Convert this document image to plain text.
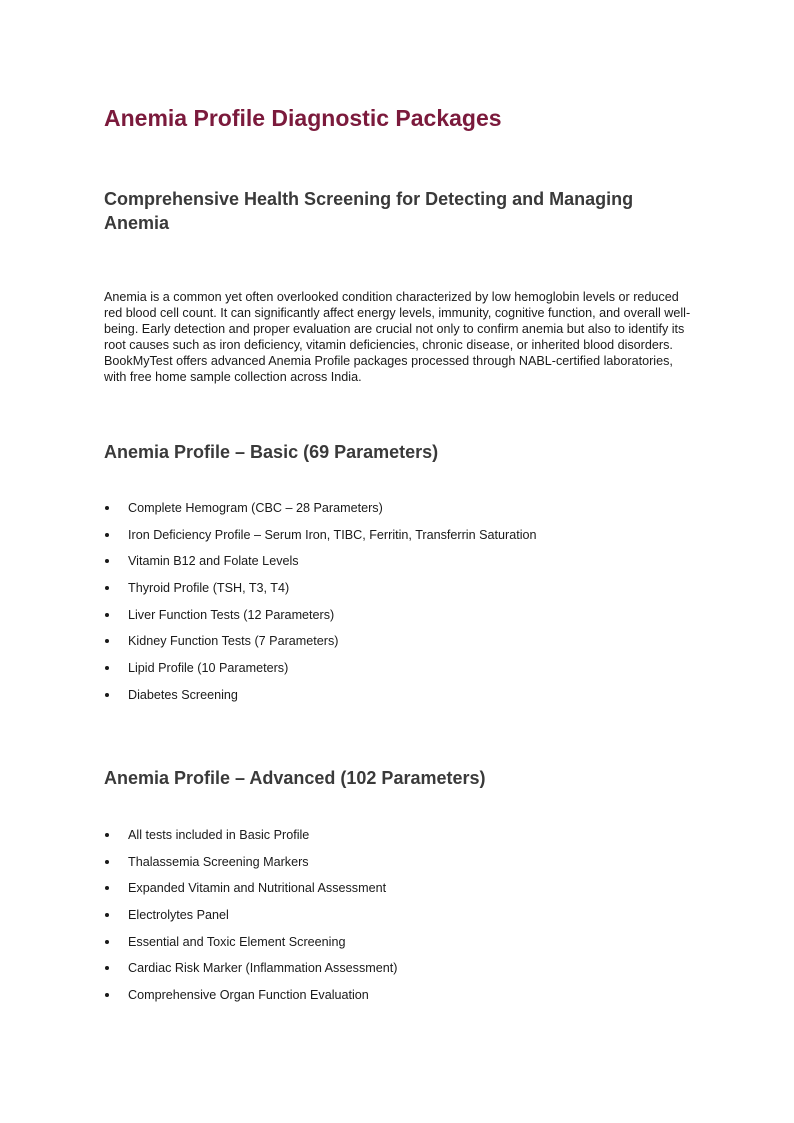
Anemia Profile Diagnostic Packages
Comprehensive Health Screening for Detecting and Managing Anemia

Anemia is a common yet often overlooked condition characterized by low hemoglobin levels or reduced red blood cell count. It can significantly affect energy levels, immunity, cognitive function, and overall well-being. Early detection and proper evaluation are crucial not only to confirm anemia but also to identify its root causes such as iron deficiency, vitamin deficiencies, chronic disease, or inherited blood disorders. BookMyTest offers advanced Anemia Profile packages processed through NABL-certified laboratories, with free home sample collection across India.

Anemia Profile – Basic (69 Parameters)
Complete Hemogram (CBC – 28 Parameters)
Iron Deficiency Profile – Serum Iron, TIBC, Ferritin, Transferrin Saturation
Vitamin B12 and Folate Levels
Thyroid Profile (TSH, T3, T4)
Liver Function Tests (12 Parameters)
Kidney Function Tests (7 Parameters)
Lipid Profile (10 Parameters)
Diabetes Screening
Anemia Profile – Advanced (102 Parameters)
All tests included in Basic Profile
Thalassemia Screening Markers
Expanded Vitamin and Nutritional Assessment
Electrolytes Panel
Essential and Toxic Element Screening
Cardiac Risk Marker (Inflammation Assessment)
Comprehensive Organ Function Evaluation
